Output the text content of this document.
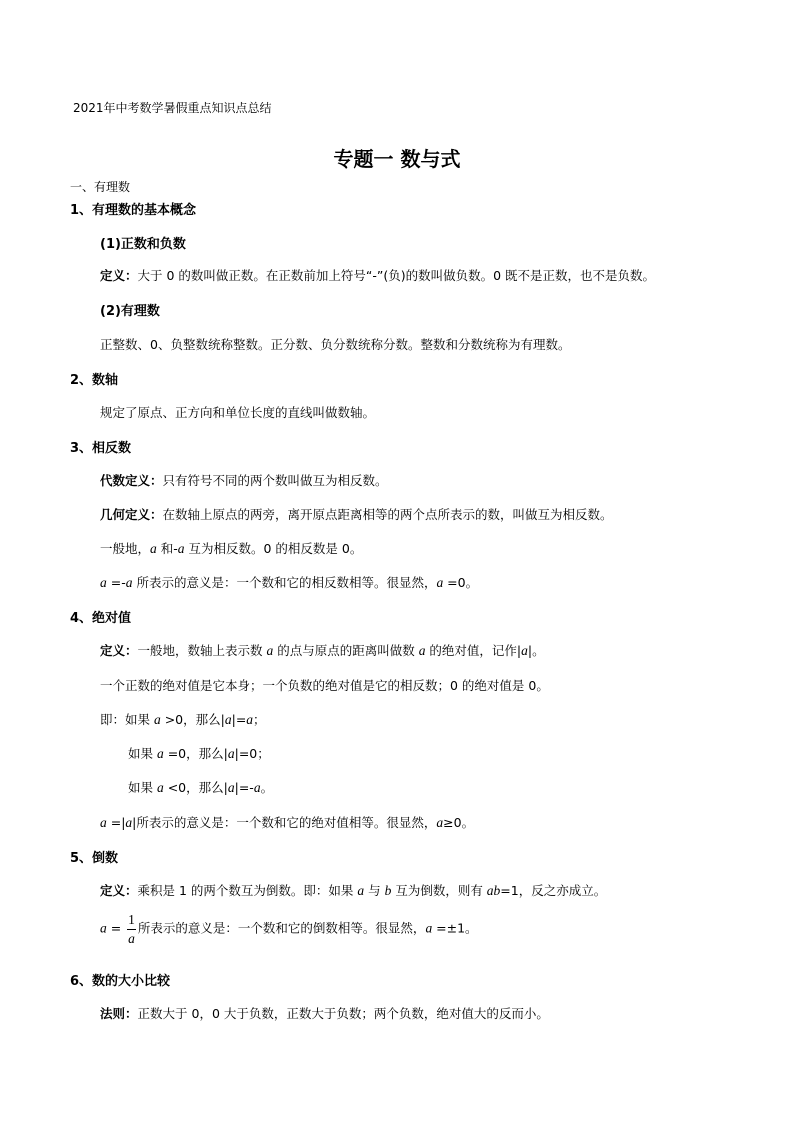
2021年中考数学暑假重点知识点总结
专题一 数与式
一、有理数
1、有理数的基本概念
(1)正数和负数
定义：大于 0 的数叫做正数。在正数前加上符号“-”(负)的数叫做负数。0 既不是正数，也不是负数。
(2)有理数
正整数、0、负整数统称整数。正分数、负分数统称分数。整数和分数统称为有理数。
2、数轴
规定了原点、正方向和单位长度的直线叫做数轴。
3、相反数
代数定义：只有符号不同的两个数叫做互为相反数。
几何定义：在数轴上原点的两旁，离开原点距离相等的两个点所表示的数，叫做互为相反数。
一般地，a 和-a 互为相反数。0 的相反数是 0。
a =-a 所表示的意义是：一个数和它的相反数相等。很显然，a =0。
4、绝对值
定义：一般地，数轴上表示数 a 的点与原点的距离叫做数 a 的绝对值，记作|a|。
一个正数的绝对值是它本身；一个负数的绝对值是它的相反数；0 的绝对值是 0。
即：如果 a >0，那么|a|=a；
如果 a =0，那么|a|=0；
如果 a <0，那么|a|=-a。
a =|a|所表示的意义是：一个数和它的绝对值相等。很显然，a≥0。
5、倒数
定义：乘积是 1 的两个数互为倒数。即：如果 a 与 b 互为倒数，则有 ab=1，反之亦成立。
$a = \frac{1}{a}$ 所表示的意义是：一个数和它的倒数相等。很显然，a =±1。
6、数的大小比较
法则：正数大于 0，0 大于负数，正数大于负数；两个负数，绝对值大的反而小。
